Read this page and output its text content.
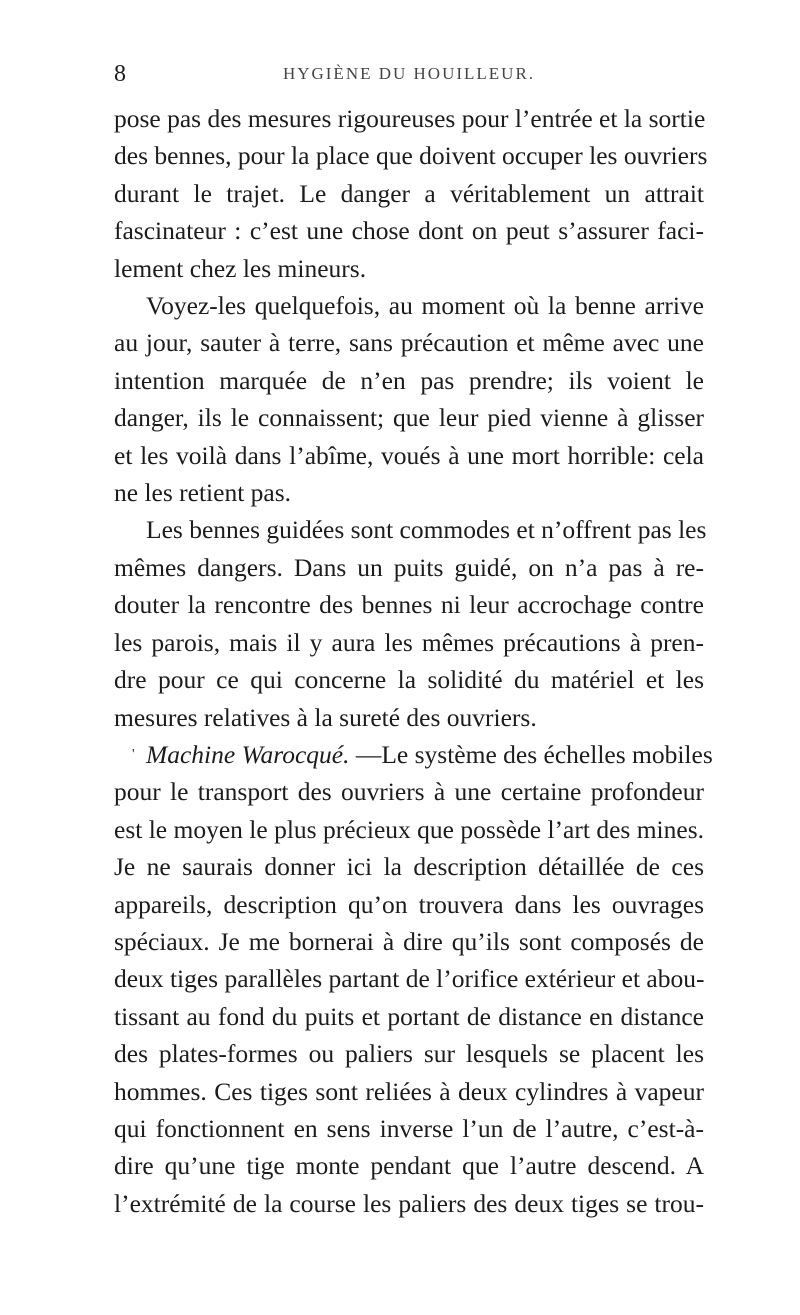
8	HYGIÈNE DU HOUILLEUR.
pose pas des mesures rigoureuses pour l’entrée et la sortie
des bennes, pour la place que doivent occuper les ouvriers
durant le trajet. Le danger a véritablement un attrait
fascinateur : c’est une chose dont on peut s’assurer faci-
lement chez les mineurs.
Voyez-les quelquefois, au moment où la benne arrive
au jour, sauter à terre, sans précaution et même avec une
intention marquée de n’en pas prendre; ils voient le
danger, ils le connaissent; que leur pied vienne à glisser
et les voilà dans l’abîme, voués à une mort horrible: cela
ne les retient pas.
Les bennes guidées sont commodes et n’offrent pas les
mêmes dangers. Dans un puits guidé, on n’a pas à re-
douter la rencontre des bennes ni leur accrochage contre
les parois, mais il y aura les mêmes précautions à pren-
dre pour ce qui concerne la solidité du matériel et les
mesures relatives à la sureté des ouvriers.
' Machine Warocqué. —Le système des échelles mobiles
pour le transport des ouvriers à une certaine profondeur
est le moyen le plus précieux que possède l’art des mines.
Je ne saurais donner ici la description détaillée de ces
appareils, description qu’on trouvera dans les ouvrages
spéciaux. Je me bornerai à dire qu’ils sont composés de
deux tiges parallèles partant de l’orifice extérieur et abou-
tissant au fond du puits et portant de distance en distance
des plates-formes ou paliers sur lesquels se placent les
hommes. Ces tiges sont reliées à deux cylindres à vapeur
qui fonctionnent en sens inverse l’un de l’autre, c’est-à-
dire qu’une tige monte pendant que l’autre descend. A
l’extrémité de la course les paliers des deux tiges se trou-
